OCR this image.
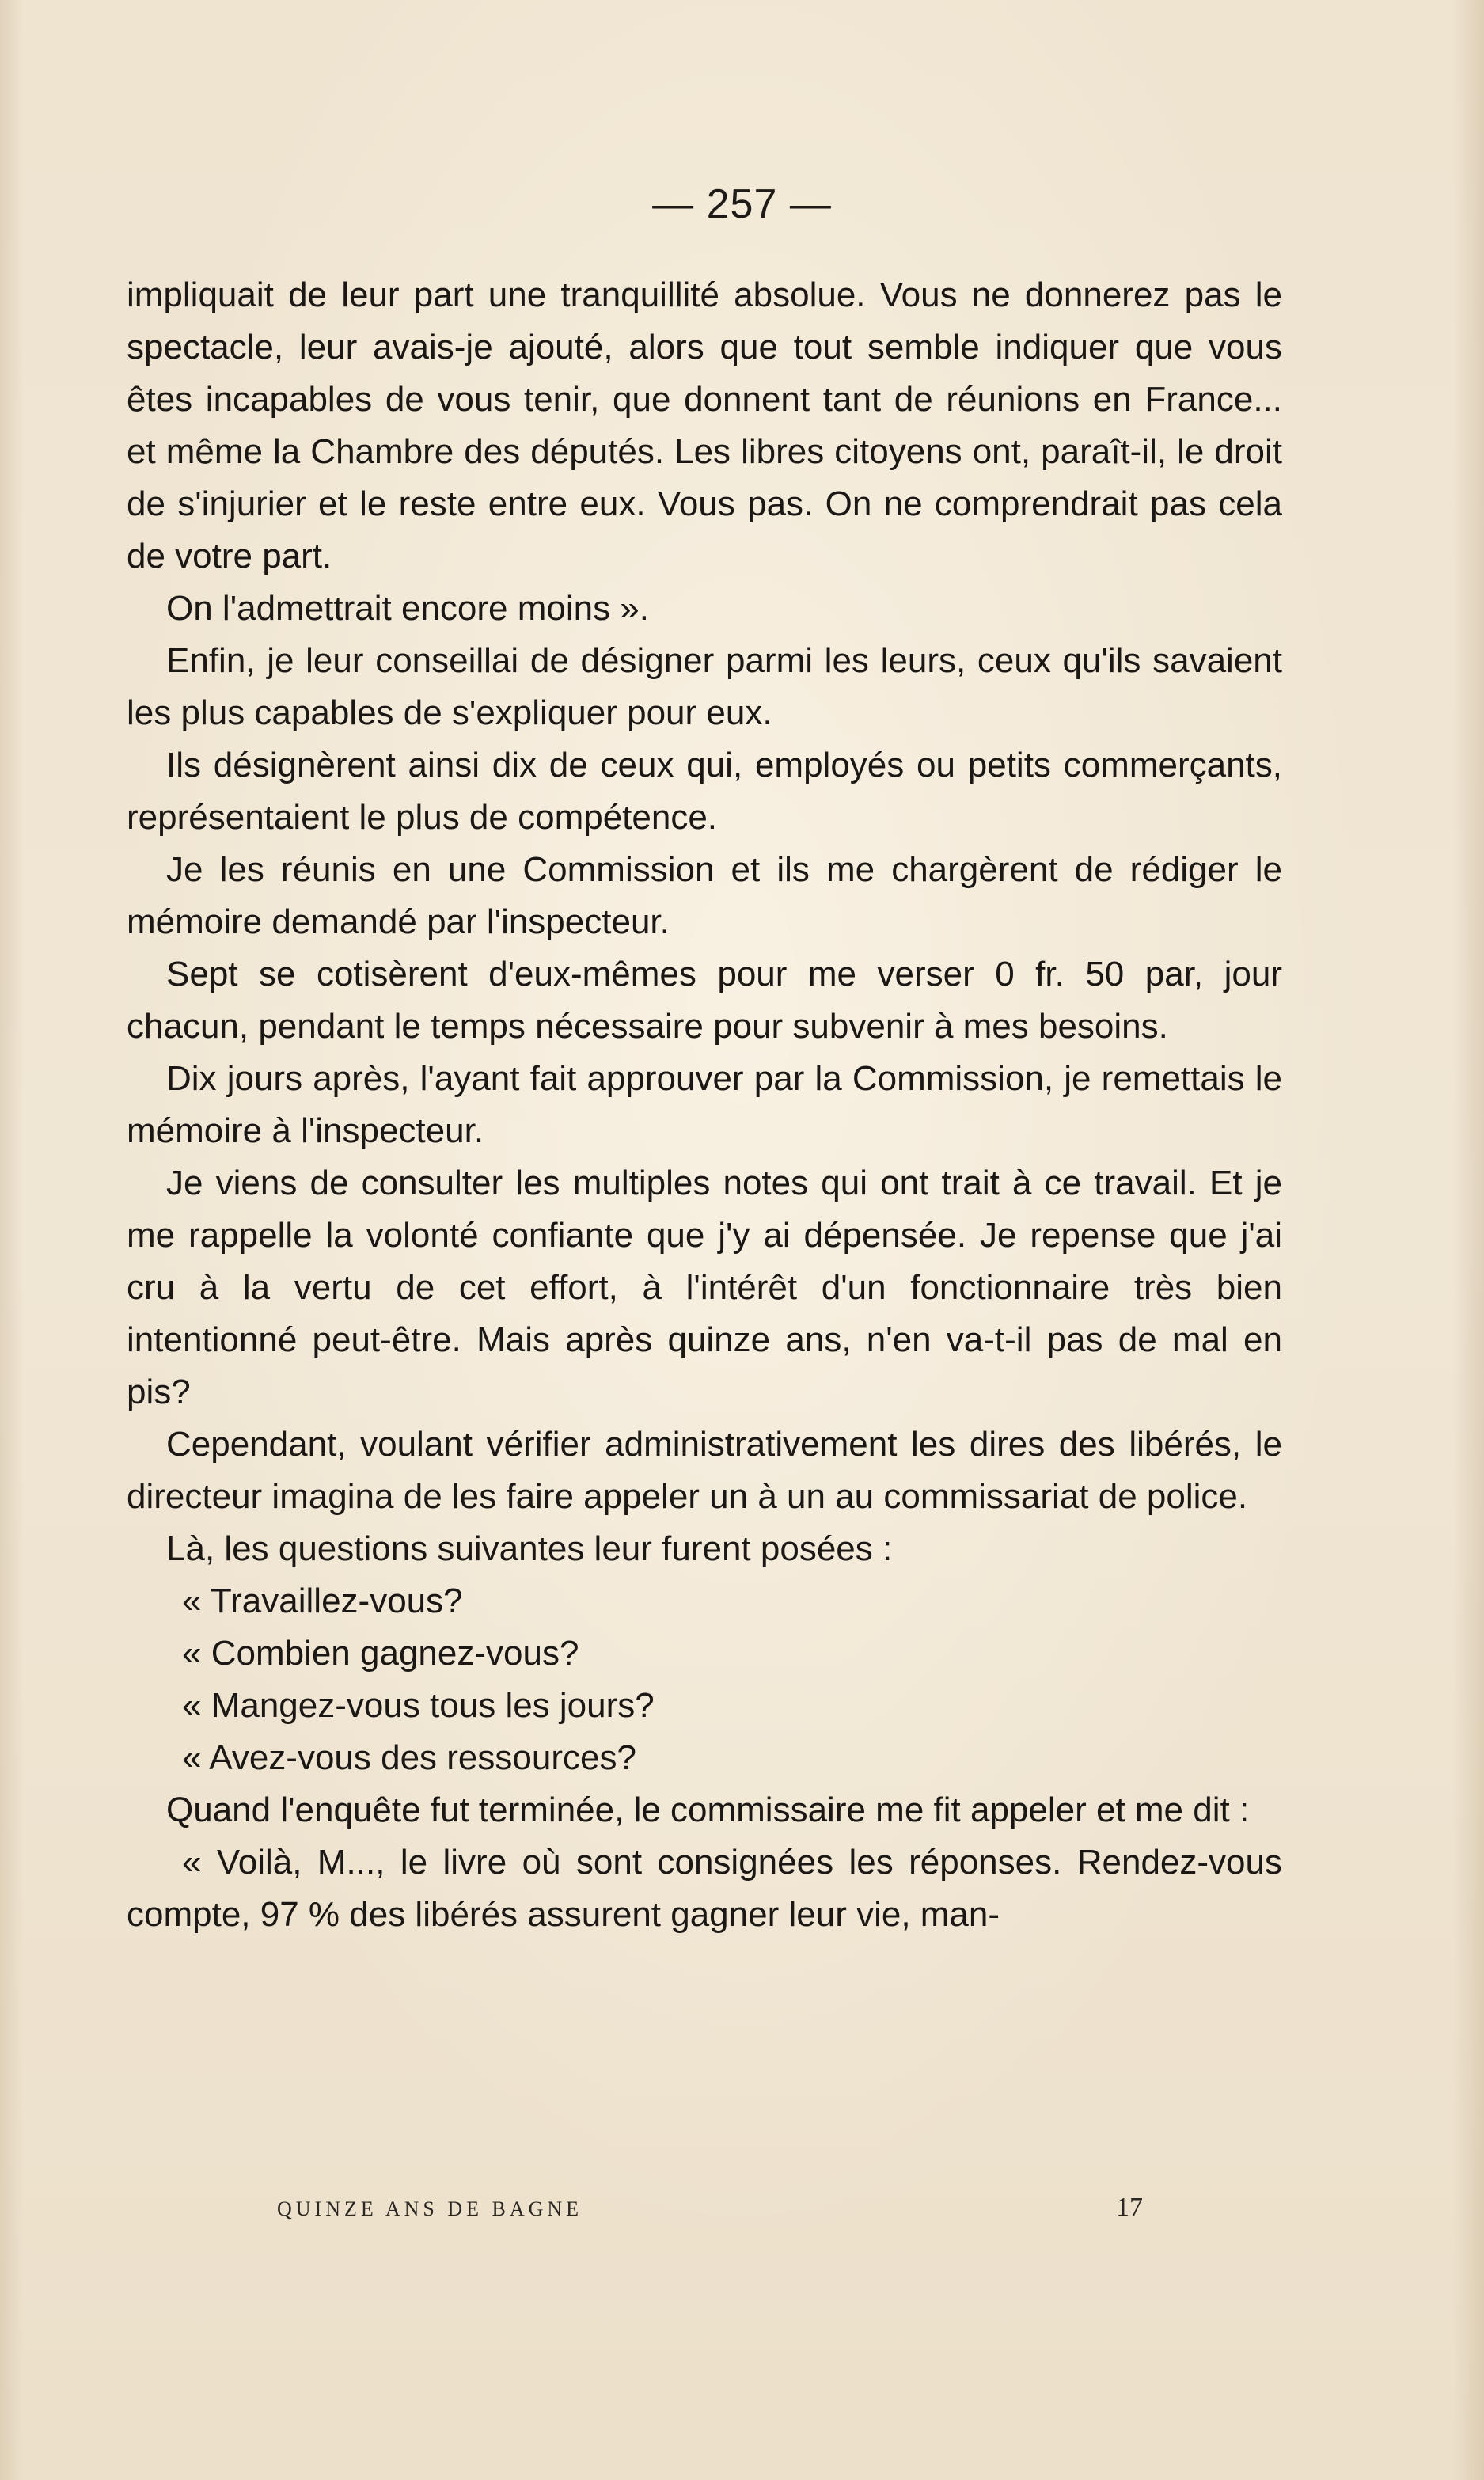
— 257 —

impliquait de leur part une tranquillité absolue. Vous ne donnerez pas le spectacle, leur avais-je ajouté, alors que tout semble indiquer que vous êtes incapables de vous tenir, que donnent tant de réunions en France... et même la Chambre des députés. Les libres citoyens ont, paraît-il, le droit de s'injurier et le reste entre eux. Vous pas. On ne comprendrait pas cela de votre part.

On l'admettrait encore moins ».

Enfin, je leur conseillai de désigner parmi les leurs, ceux qu'ils savaient les plus capables de s'expliquer pour eux.

Ils désignèrent ainsi dix de ceux qui, employés ou petits commerçants, représentaient le plus de compétence.

Je les réunis en une Commission et ils me chargèrent de rédiger le mémoire demandé par l'inspecteur.

Sept se cotisèrent d'eux-mêmes pour me verser 0 fr. 50 par, jour chacun, pendant le temps nécessaire pour subvenir à mes besoins.

Dix jours après, l'ayant fait approuver par la Commission, je remettais le mémoire à l'inspecteur.

Je viens de consulter les multiples notes qui ont trait à ce travail. Et je me rappelle la volonté confiante que j'y ai dépensée. Je repense que j'ai cru à la vertu de cet effort, à l'intérêt d'un fonctionnaire très bien intentionné peut-être. Mais après quinze ans, n'en va-t-il pas de mal en pis?

Cependant, voulant vérifier administrativement les dires des libérés, le directeur imagina de les faire appeler un à un au commissariat de police.

Là, les questions suivantes leur furent posées :

« Travaillez-vous?

« Combien gagnez-vous?

« Mangez-vous tous les jours?

« Avez-vous des ressources?

Quand l'enquête fut terminée, le commissaire me fit appeler et me dit :

« Voilà, M..., le livre où sont consignées les réponses. Rendez-vous compte, 97 % des libérés assurent gagner leur vie, man-

QUINZE ANS DE BAGNE	17
